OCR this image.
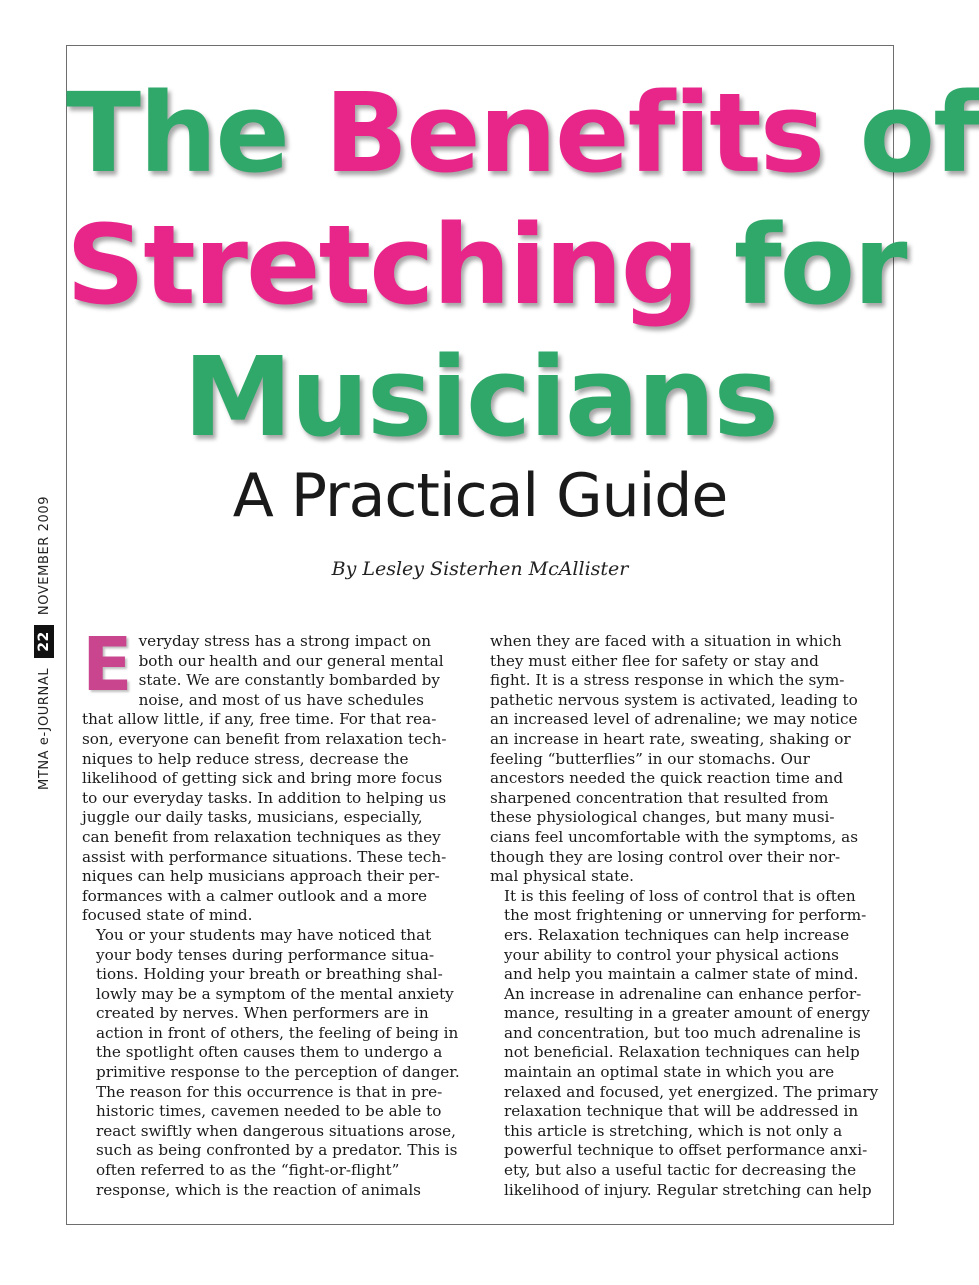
The Benefits of
Stretching for
Musicians
A Practical Guide
By Lesley Sisterhen McAllister
MTNA e-JOURNAL
22
NOVEMBER 2009

E veryday stress has a strong impact on
both our health and our general mental
state. We are constantly bombarded by
noise, and most of us have schedules
that allow little, if any, free time. For that rea-
son, everyone can benefit from relaxation tech-
niques to help reduce stress, decrease the
likelihood of getting sick and bring more focus
to our everyday tasks. In addition to helping us
juggle our daily tasks, musicians, especially,
can benefit from relaxation techniques as they
assist with performance situations. These tech-
niques can help musicians approach their per-
formances with a calmer outlook and a more
focused state of mind.

You or your students may have noticed that
your body tenses during performance situa-
tions. Holding your breath or breathing shal-
lowly may be a symptom of the mental anxiety
created by nerves. When performers are in
action in front of others, the feeling of being in
the spotlight often causes them to undergo a
primitive response to the perception of danger.
The reason for this occurrence is that in pre-
historic times, cavemen needed to be able to
react swiftly when dangerous situations arose,
such as being confronted by a predator. This is
often referred to as the “fight-or-flight”
response, which is the reaction of animals

when they are faced with a situation in which
they must either flee for safety or stay and
fight. It is a stress response in which the sym-
pathetic nervous system is activated, leading to
an increased level of adrenaline; we may notice
an increase in heart rate, sweating, shaking or
feeling “butterflies” in our stomachs. Our
ancestors needed the quick reaction time and
sharpened concentration that resulted from
these physiological changes, but many musi-
cians feel uncomfortable with the symptoms, as
though they are losing control over their nor-
mal physical state.

It is this feeling of loss of control that is often
the most frightening or unnerving for perform-
ers. Relaxation techniques can help increase
your ability to control your physical actions
and help you maintain a calmer state of mind.
An increase in adrenaline can enhance perfor-
mance, resulting in a greater amount of energy
and concentration, but too much adrenaline is
not beneficial. Relaxation techniques can help
maintain an optimal state in which you are
relaxed and focused, yet energized. The primary
relaxation technique that will be addressed in
this article is stretching, which is not only a
powerful technique to offset performance anxi-
ety, but also a useful tactic for decreasing the
likelihood of injury. Regular stretching can help
